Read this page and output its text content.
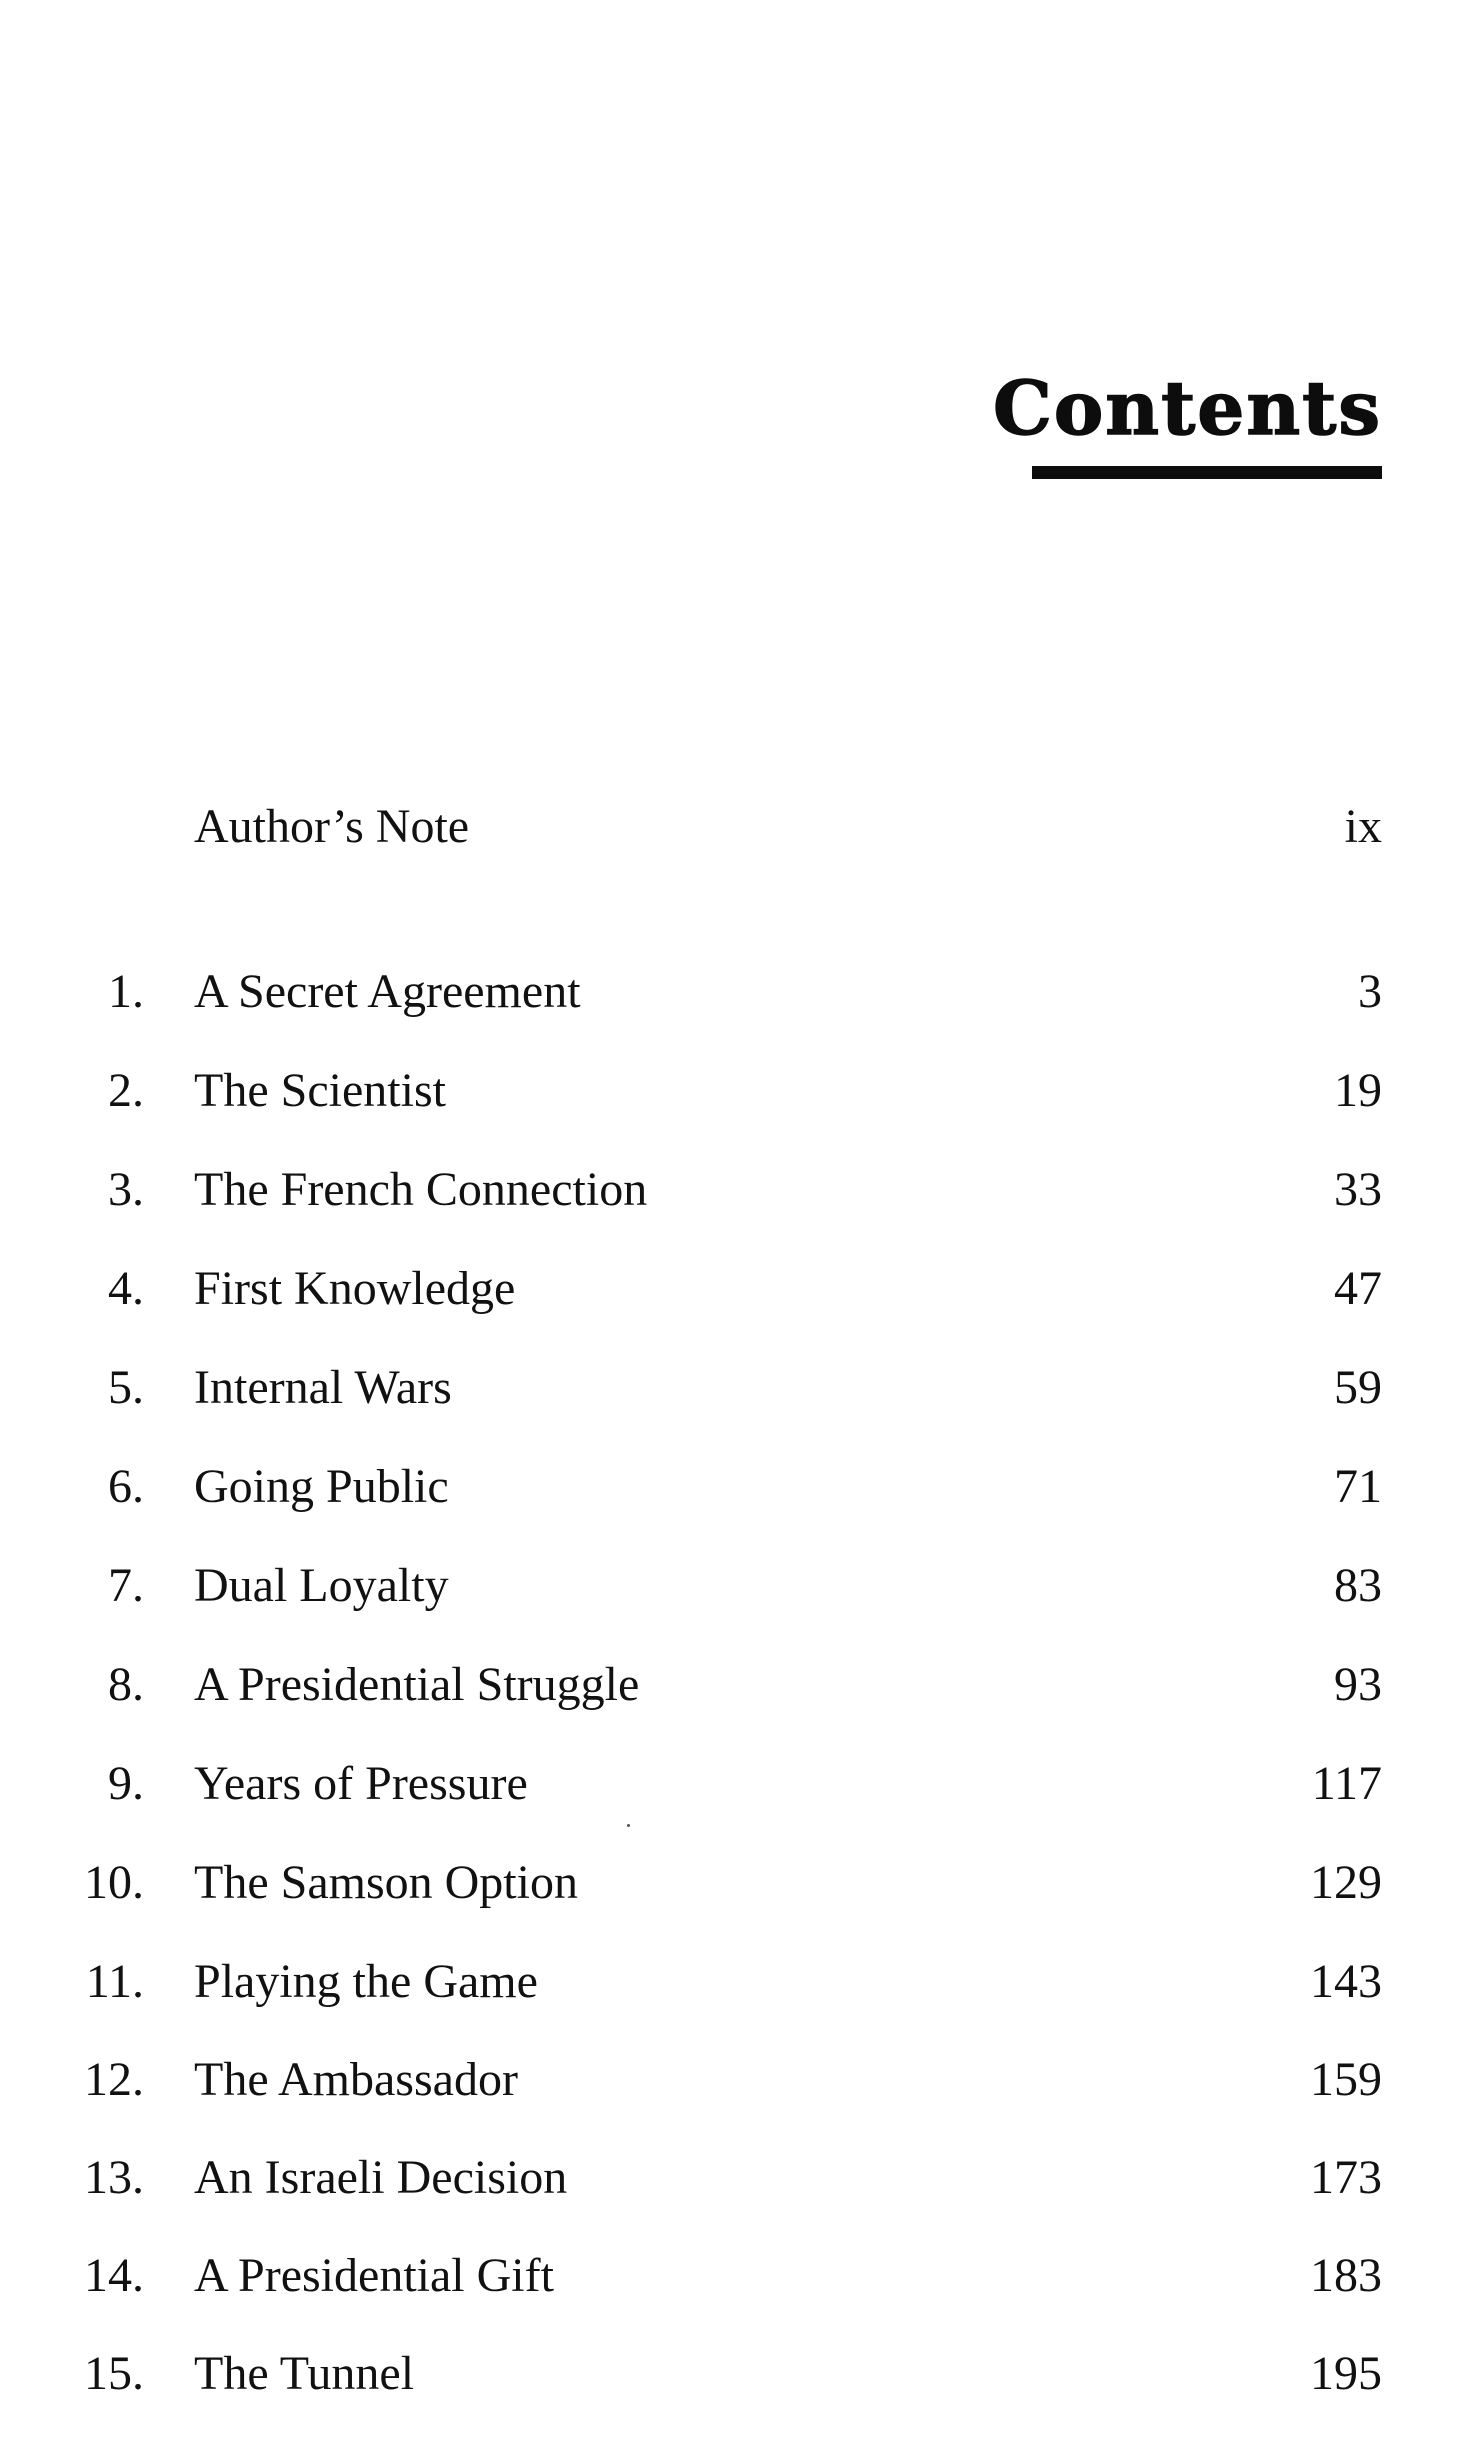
Contents
Author’s Note	ix
1. A Secret Agreement	3
2. The Scientist	19
3. The French Connection	33
4. First Knowledge	47
5. Internal Wars	59
6. Going Public	71
7. Dual Loyalty	83
8. A Presidential Struggle	93
9. Years of Pressure	117
10. The Samson Option	129
11. Playing the Game	143
12. The Ambassador	159
13. An Israeli Decision	173
14. A Presidential Gift	183
15. The Tunnel	195
